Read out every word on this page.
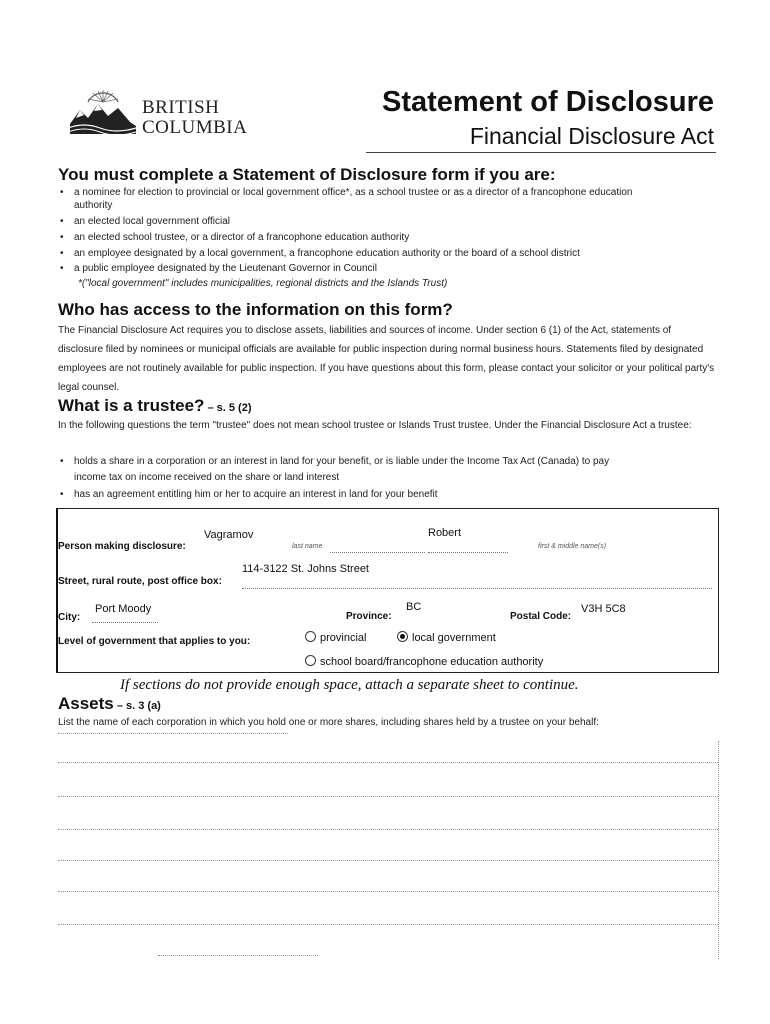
BRITISH
COLUMBIA
Statement of Disclosure
Financial Disclosure Act
You must complete a Statement of Disclosure form if you are:
• a nominee for election to provincial or local government office*, as a school trustee or as a director of a francophone education
authority
• an elected local government official
• an elected school trustee, or a director of a francophone education authority
• an employee designated by a local government, a francophone education authority or the board of a school district
• a public employee designated by the Lieutenant Governor in Council
*("local government" includes municipalities, regional districts and the Islands Trust)
Who has access to the information on this form?
The Financial Disclosure Act requires you to disclose assets, liabilities and sources of income. Under section 6 (1) of the Act, statements of disclosure filed by nominees or municipal officials are available for public inspection during normal business hours. Statements filed by designated employees are not routinely available for public inspection. If you have questions about this form, please contact your solicitor or your political party's legal counsel.
What is a trustee? – s. 5 (2)
In the following questions the term "trustee" does not mean school trustee or Islands Trust trustee. Under the Financial Disclosure Act a trustee:
• holds a share in a corporation or an interest in land for your benefit, or is liable under the Income Tax Act (Canada) to pay
income tax on income received on the share or land interest
• has an agreement entitling him or her to acquire an interest in land for your benefit
Person making disclosure:
Vagramov
last name
Robert
first & middle name(s)
Street, rural route, post office box:
114-3122 St. Johns Street
City:
Port Moody
Province:
BC
Postal Code:
V3H 5C8
Level of government that applies to you:	provincial	local government
school board/francophone education authority
If sections do not provide enough space, attach a separate sheet to continue.
Assets – s. 3 (a)
List the name of each corporation in which you hold one or more shares, including shares held by a trustee on your behalf:
